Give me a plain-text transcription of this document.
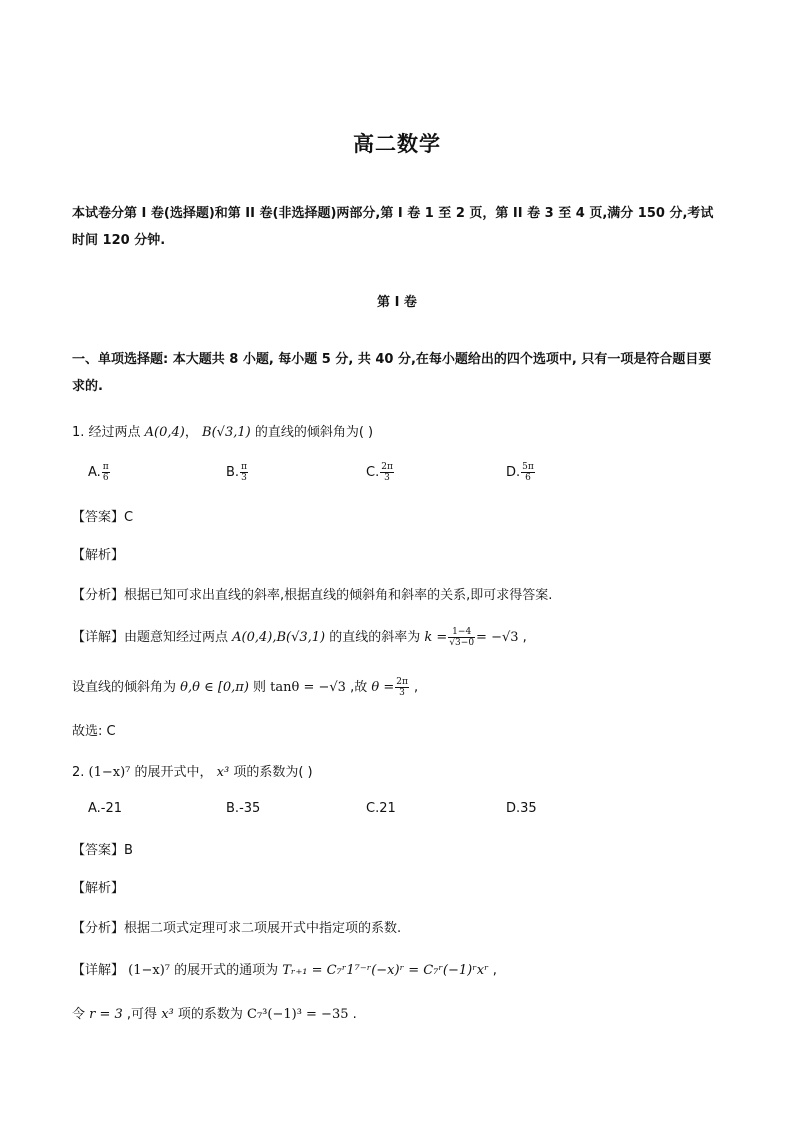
高二数学
本试卷分第 I 卷(选择题)和第 II 卷(非选择题)两部分,第 I 卷 1 至 2 页，第 II 卷 3 至 4 页,满分 150 分,考试时间 120 分钟.
第 I 卷
一、单项选择题: 本大题共 8 小题, 每小题 5 分, 共 40 分,在每小题给出的四个选项中, 只有一项是符合题目要求的.
1. 经过两点 A(0,4)， B(√3,1) 的直线的倾斜角为( )
A. $\frac{\pi}{6}$	B. $\frac{\pi}{3}$	C. $\frac{2\pi}{3}$	D. $\frac{5\pi}{6}$
【答案】C
【解析】
【分析】根据已知可求出直线的斜率,根据直线的倾斜角和斜率的关系,即可求得答案.
【详解】由题意知经过两点 A(0,4),B(√3,1) 的直线的斜率为 $k = \frac{1-4}{√3-0} = -√3$ ,
设直线的倾斜角为 θ,θ ∈ [0,π) 则 tanθ = −√3 ,故 $\theta = \frac{2\pi}{3}$ ,
故选: C
2. (1−x)⁷ 的展开式中， x³ 项的系数为( )
A.-21	B.-35	C.21	D.35
【答案】B
【解析】
【分析】根据二项式定理可求二项展开式中指定项的系数.
【详解】 (1−x)⁷ 的展开式的通项为 Tᵣ₊₁ = C₇ʳ1⁷⁻ʳ(−x)ʳ = C₇ʳ(−1)ʳxʳ ,
令 r = 3 ,可得 x³ 项的系数为 C₇³(−1)³ = −35 .
